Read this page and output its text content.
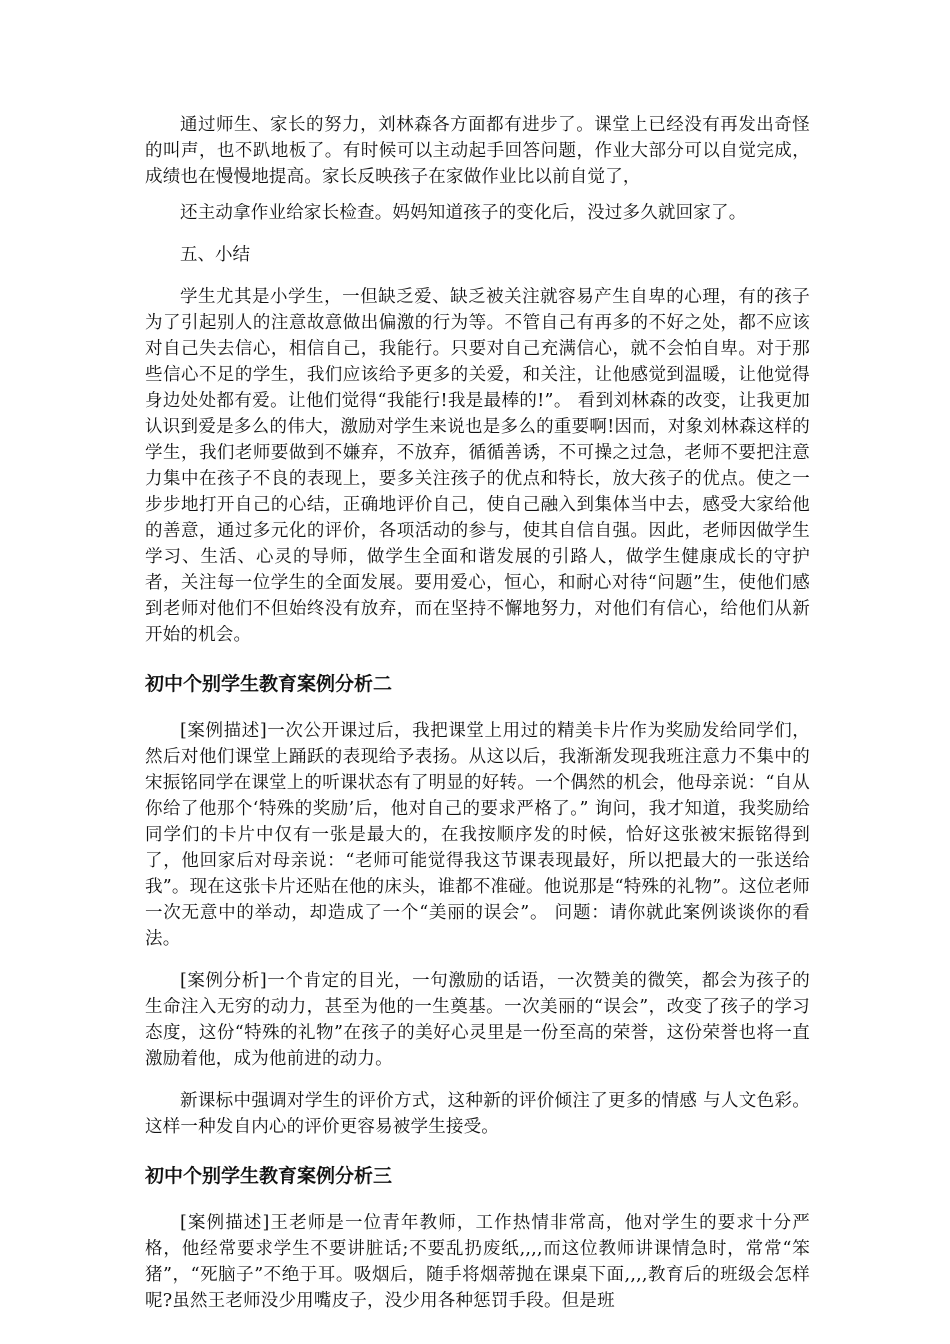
通过师生、家长的努力，刘林森各方面都有进步了。课堂上已经没有再发出奇怪的叫声，也不趴地板了。有时候可以主动起手回答问题，作业大部分可以自觉完成，成绩也在慢慢地提高。家长反映孩子在家做作业比以前自觉了，

还主动拿作业给家长检查。妈妈知道孩子的变化后，没过多久就回家了。

五、小结

学生尤其是小学生，一但缺乏爱、缺乏被关注就容易产生自卑的心理，有的孩子为了引起别人的注意故意做出偏激的行为等。不管自己有再多的不好之处，都不应该对自己失去信心，相信自己，我能行。只要对自己充满信心，就不会怕自卑。对于那些信心不足的学生，我们应该给予更多的关爱，和关注，让他感觉到温暖，让他觉得身边处处都有爱。让他们觉得“我能行!我是最棒的!”。 看到刘林森的改变，让我更加认识到爱是多么的伟大，激励对学生来说也是多么的重要啊!因而，对象刘林森这样的学生，我们老师要做到不嫌弃，不放弃，循循善诱，不可操之过急，老师不要把注意力集中在孩子不良的表现上，要多关注孩子的优点和特长，放大孩子的优点。使之一步步地打开自己的心结，正确地评价自己，使自己融入到集体当中去，感受大家给他的善意，通过多元化的评价，各项活动的参与，使其自信自强。因此，老师因做学生学习、生活、心灵的导师，做学生全面和谐发展的引路人，做学生健康成长的守护者，关注每一位学生的全面发展。要用爱心，恒心，和耐心对待“问题”生，使他们感到老师对他们不但始终没有放弃，而在坚持不懈地努力，对他们有信心，给他们从新开始的机会。

初中个别学生教育案例分析二

[案例描述]一次公开课过后，我把课堂上用过的精美卡片作为奖励发给同学们，然后对他们课堂上踊跃的表现给予表扬。从这以后，我渐渐发现我班注意力不集中的宋振铭同学在课堂上的听课状态有了明显的好转。一个偶然的机会，他母亲说：“自从你给了他那个‘特殊的奖励’后，他对自己的要求严格了。” 询问，我才知道，我奖励给同学们的卡片中仅有一张是最大的，在我按顺序发的时候，恰好这张被宋振铭得到了，他回家后对母亲说：“老师可能觉得我这节课表现最好，所以把最大的一张送给我”。现在这张卡片还贴在他的床头，谁都不准碰。他说那是“特殊的礼物”。这位老师一次无意中的举动，却造成了一个“美丽的误会”。 问题：请你就此案例谈谈你的看法。

[案例分析]一个肯定的目光，一句激励的话语，一次赞美的微笑，都会为孩子的生命注入无穷的动力，甚至为他的一生奠基。一次美丽的“误会”，改变了孩子的学习态度，这份“特殊的礼物”在孩子的美好心灵里是一份至高的荣誉，这份荣誉也将一直激励着他，成为他前进的动力。

新课标中强调对学生的评价方式，这种新的评价倾注了更多的情感 与人文色彩。这样一种发自内心的评价更容易被学生接受。

初中个别学生教育案例分析三

[案例描述]王老师是一位青年教师，工作热情非常高，他对学生的要求十分严格，他经常要求学生不要讲脏话;不要乱扔废纸,,,,而这位教师讲课情急时，常常“笨猪”，“死脑子”不绝于耳。吸烟后，随手将烟蒂抛在课桌下面,,,,教育后的班级会怎样呢?虽然王老师没少用嘴皮子，没少用各种惩罚手段。但是班
